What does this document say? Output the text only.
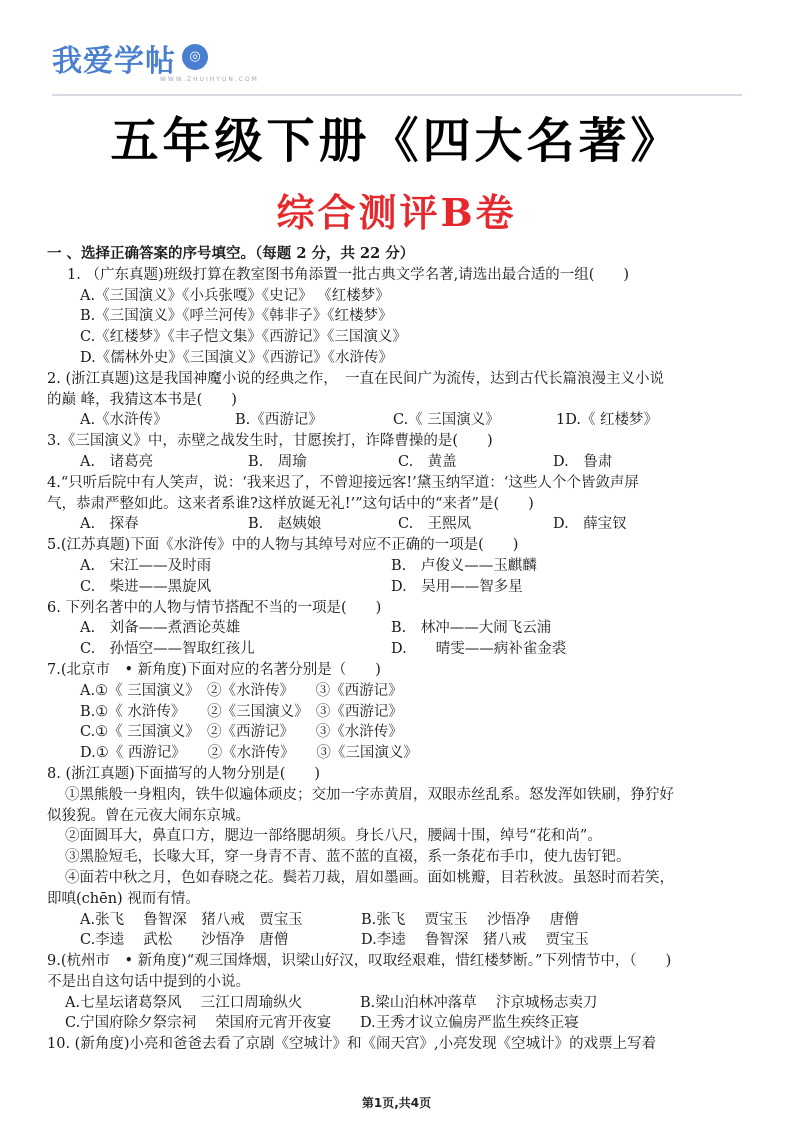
我爱学帖	◎
WWW.ZHUIHYUN.COM
五年级下册《四大名著》
综合测评B卷
一 、选择正确答案的序号填空。（每题 2 分，共 22 分）
1. （广东真题)班级打算在教室图书角添置一批古典文学名著,请选出最合适的一组(　　)
A.《三国演义》《小兵张嘎》《史记》 《红楼梦》
B.《三国演义》《呼兰河传》《韩非子》《红楼梦》
C.《红楼梦》《丰子恺文集》《西游记》《三国演义》
D.《儒林外史》《三国演义》《西游记》《水浒传》
2. (浙江真题)这是我国神魔小说的经典之作，　一直在民间广为流传，达到古代长篇浪漫主义小说
的巅 峰，我猜这本书是(　　)
A.《水浒传》	B.《西游记》	C.《 三国演义》	1D.《 红楼梦》
3.《三国演义》中，赤壁之战发生时，甘愿挨打，诈降曹操的是(　　)
A.　诸葛亮	B.　周瑜	C.　黄盖	D.　鲁肃
4.“只听后院中有人笑声，说：‘我来迟了，不曾迎接远客!’黛玉纳罕道：‘这些人个个皆敛声屏
气，恭肃严整如此。这来者系谁?这样放诞无礼!’”这句话中的“来者”是(　　)
A.　探春	B.　赵姨娘	C.　王熙凤	D.　薛宝钗
5.(江苏真题)下面《水浒传》中的人物与其绰号对应不正确的一项是(　　)
A.　宋江——及时雨	B.　卢俊义——玉麒麟
C.　柴进——黑旋风	D.　吴用——智多星
6. 下列名著中的人物与情节搭配不当的一项是(　　)
A.　刘备——煮酒论英雄	B.　林冲——大闹飞云浦
C.　孙悟空——智取红孩儿	D.　　晴雯——病补雀金裘
7.(北京市　• 新角度)下面对应的名著分别是（　　)
A.①《 三国演义》　②《水浒传》　　③《西游记》
B.①《 水浒传》　　②《三国演义》　③《西游记》
C.①《 三国演义》　②《西游记》　　③《水浒传》
D.①《 西游记》　　②《水浒传》　　③《三国演义》
8. (浙江真题)下面描写的人物分别是(　　)
①黑熊般一身粗肉，铁牛似遍体顽皮；交加一字赤黄眉，双眼赤丝乱系。怒发浑如铁刷，狰狞好
似狻猊。曾在元夜大闹东京城。
②面圆耳大，鼻直口方，腮边一部络腮胡须。身长八尺，腰阔十围，绰号“花和尚”。
③黑脸短毛，长喙大耳，穿一身青不青、蓝不蓝的直裰，系一条花布手巾，使九齿钉钯。
④面若中秋之月，色如春晓之花。鬓若刀裁，眉如墨画。面如桃瓣，目若秋波。虽怒时而若笑，
即嗔(chēn) 视而有情。
A.张飞　 鲁智深　猪八戒　贾宝玉	B.张飞　 贾宝玉　 沙悟净　 唐僧
C.李逵　 武松　　沙悟净　唐僧	D.李逵　 鲁智深　猪八戒　 贾宝玉
9.(杭州市　• 新角度)“观三国烽烟，识梁山好汉，叹取经艰难，惜红楼梦断。”下列情节中，（　　)
不是出自这句话中提到的小说。
A.七星坛诸葛祭风　 三江口周瑜纵火	B.梁山泊林冲落草　 汴京城杨志卖刀
C.宁国府除夕祭宗祠　 荣国府元宵开夜宴 D.王秀才议立偏房严监生疾终正寝
10. (新角度)小亮和爸爸去看了京剧《空城计》和《闹天宫》,小亮发现《空城计》的戏票上写着
第1页,共4页
